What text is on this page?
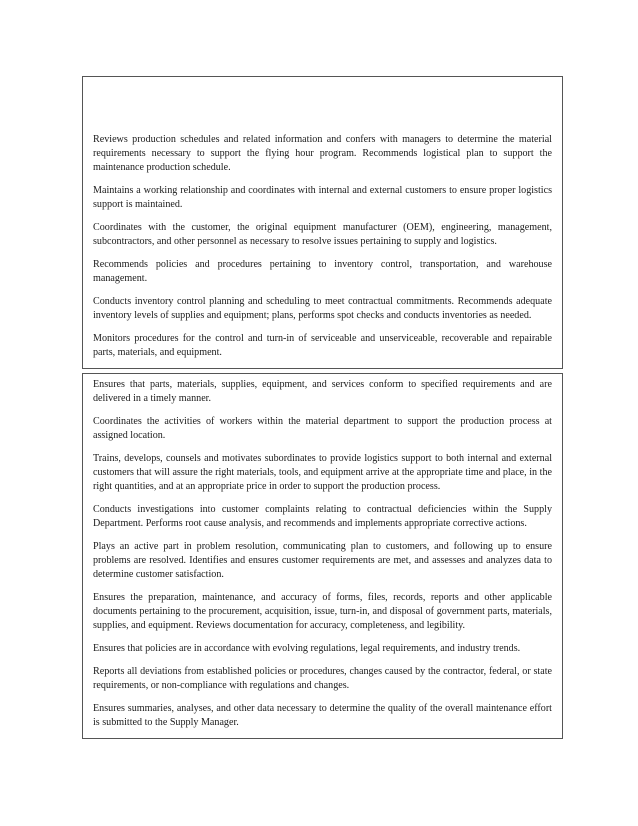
Reviews production schedules and related information and confers with managers to determine the material requirements necessary to support the flying hour program. Recommends logistical plan to support the maintenance production schedule.

Maintains a working relationship and coordinates with internal and external customers to ensure proper logistics support is maintained.

Coordinates with the customer, the original equipment manufacturer (OEM), engineering, management, subcontractors, and other personnel as necessary to resolve issues pertaining to supply and logistics.

Recommends policies and procedures pertaining to inventory control, transportation, and warehouse management.

Conducts inventory control planning and scheduling to meet contractual commitments. Recommends adequate inventory levels of supplies and equipment; plans, performs spot checks and conducts inventories as needed.

Monitors procedures for the control and turn-in of serviceable and unserviceable, recoverable and repairable parts, materials, and equipment.

Ensures that parts, materials, supplies, equipment, and services conform to specified requirements and are delivered in a timely manner.

Coordinates the activities of workers within the material department to support the production process at assigned location.

Trains, develops, counsels and motivates subordinates to provide logistics support to both internal and external customers that will assure the right materials, tools, and equipment arrive at the appropriate time and place, in the right quantities, and at an appropriate price in order to support the production process.

Conducts investigations into customer complaints relating to contractual deficiencies within the Supply Department. Performs root cause analysis, and recommends and implements appropriate corrective actions.

Plays an active part in problem resolution, communicating plan to customers, and following up to ensure problems are resolved. Identifies and ensures customer requirements are met, and assesses and analyzes data to determine customer satisfaction.

Ensures the preparation, maintenance, and accuracy of forms, files, records, reports and other applicable documents pertaining to the procurement, acquisition, issue, turn-in, and disposal of government parts, materials, supplies, and equipment. Reviews documentation for accuracy, completeness, and legibility.

Ensures that policies are in accordance with evolving regulations, legal requirements, and industry trends.

Reports all deviations from established policies or procedures, changes caused by the contractor, federal, or state requirements, or non-compliance with regulations and changes.

Ensures summaries, analyses, and other data necessary to determine the quality of the overall maintenance effort is submitted to the Supply Manager.
